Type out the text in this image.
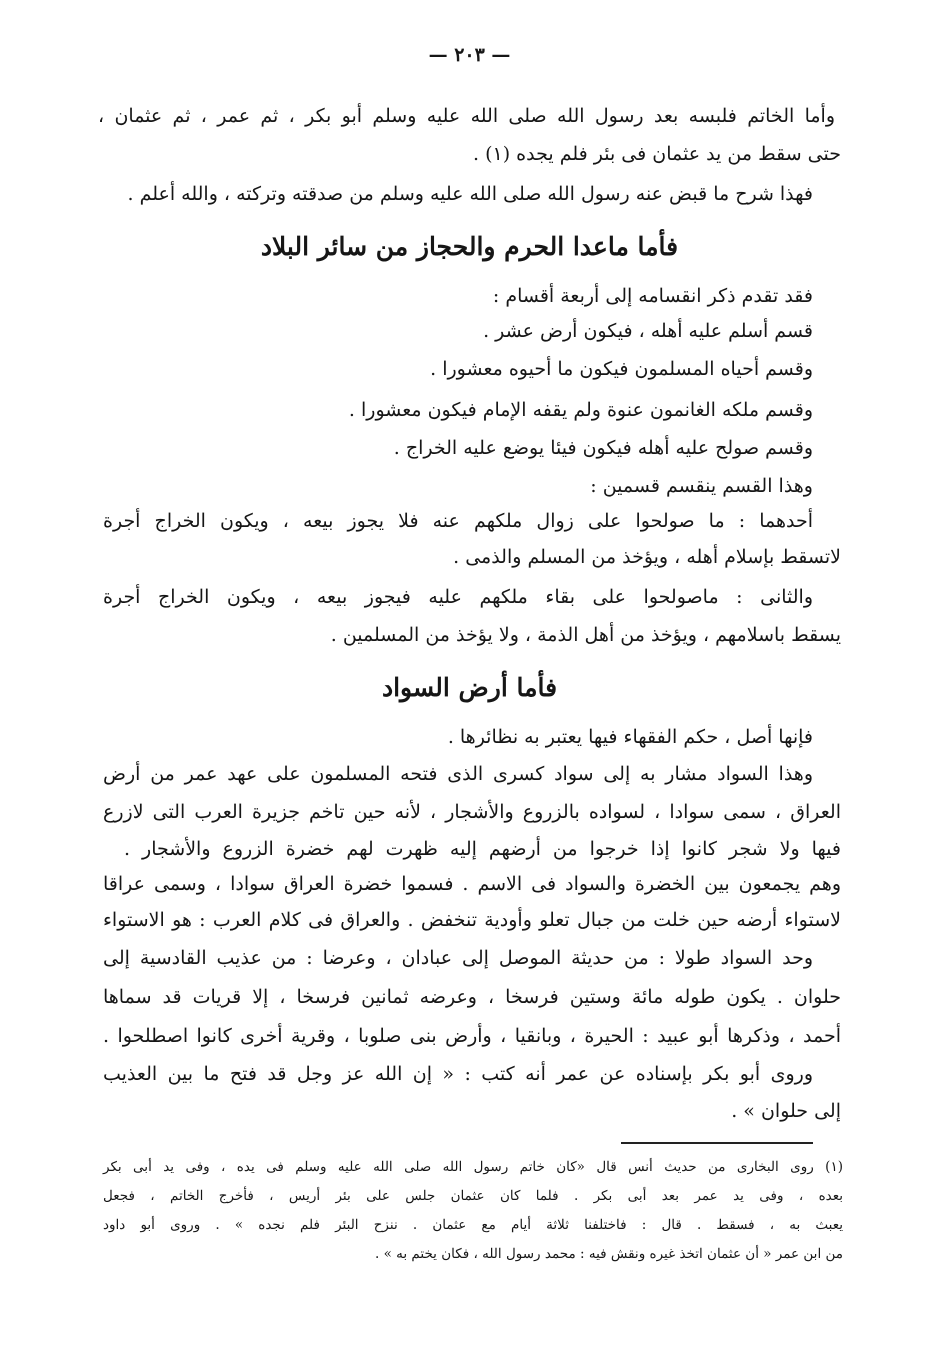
— ٢٠٣ —

وأما الخاتم فلبسه بعد رسول الله صلى الله عليه وسلم أبو بكر ، ثم عمر ، ثم عثمان ،

حتى سقط من يد عثمان فى بئر فلم يجده (١) .

فهذا شرح ما قبض عنه رسول الله صلى الله عليه وسلم من صدقته وتركته ، والله أعلم .

فأما ماعدا الحرم والحجاز من سائر البلاد

فقد تقدم ذكر انقسامه إلى أربعة أقسام :

قسم أسلم عليه أهله ، فيكون أرض عشر .

وقسم أحياه المسلمون فيكون ما أحيوه معشورا .

وقسم ملكه الغانمون عنوة ولم يقفه الإمام فيكون معشورا .

وقسم صولح عليه أهله فيكون فيئا يوضع عليه الخراج .

وهذا القسم ينقسم قسمين :

أحدهما : ما صولحوا على زوال ملكهم عنه فلا يجوز بيعه ، ويكون الخراج أجرة

لاتسقط بإسلام أهله ، ويؤخذ من المسلم والذمى .

والثانى : ماصولحوا على بقاء ملكهم عليه فيجوز بيعه ، ويكون الخراج أجرة

يسقط باسلامهم ، ويؤخذ من أهل الذمة ، ولا يؤخذ من المسلمين .

فأما أرض السواد

فإنها أصل ، حكم الفقهاء فيها يعتبر به نظائرها .

وهذا السواد مشار به إلى سواد كسرى الذى فتحه المسلمون على عهد عمر من أرض

العراق ، سمى سوادا ، لسواده بالزروع والأشجار ، لأنه حين تاخم جزيرة العرب التى لازرع

فيها ولا شجر كانوا إذا خرجوا من أرضهم إليه ظهرت لهم خضرة الزروع والأشجار .

وهم يجمعون بين الخضرة والسواد فى الاسم . فسموا خضرة العراق سوادا ، وسمى عراقا

لاستواء أرضه حين خلت من جبال تعلو وأودية تنخفض . والعراق فى كلام العرب : هو الاستواء

وحد السواد طولا : من حديثة الموصل إلى عبادان ، وعرضا : من عذيب القادسية إلى

حلوان . يكون طوله مائة وستين فرسخا ، وعرضه ثمانين فرسخا ، إلا قريات قد سماها

أحمد ، وذكرها أبو عبيد : الحيرة ، وبانقيا ، وأرض بنى صلوبا ، وقرية أخرى كانوا اصطلحوا .

وروى أبو بكر بإسناده عن عمر أنه كتب : « إن الله عز وجل قد فتح ما بين العذيب

إلى حلوان » .

(١) روى البخارى من حديث أنس قال «كان خاتم رسول الله صلى الله عليه وسلم فى يده ، وفى يد أبى بكر

بعده ، وفى يد عمر بعد أبى بكر . فلما كان عثمان جلس على بئر أريس ، فأخرج الخاتم ، فجعل

يعبث به ، فسقط . قال : فاختلفنا ثلاثة أيام مع عثمان . ننزح البئر فلم نجده » . وروى أبو داود

من ابن عمر « أن عثمان اتخذ غيره ونقش فيه : محمد رسول الله ، فكان يختم به » .
